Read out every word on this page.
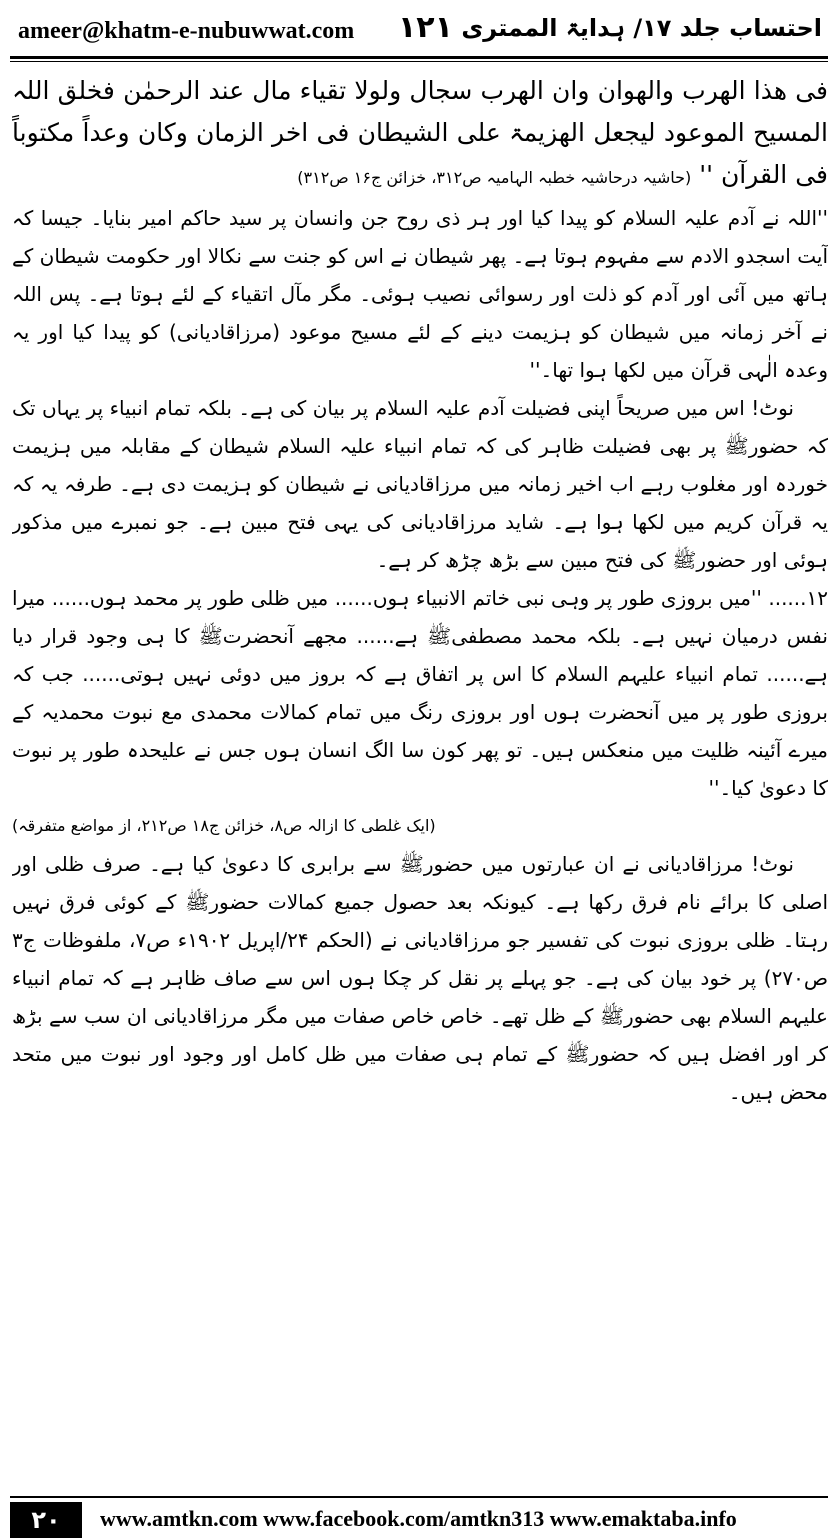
ameer@khatm-e-nubuwwat.com ۱۲۱ احتساب جلد ۱۷/ ہدایۃ الممتری

فی ھذا الھرب والھوان وان الھرب سجال ولولا تقیاء مال عند الرحمٰن فخلق اللہ المسیح الموعود لیجعل الھزیمۃ علی الشیطان فی اخر الزمان وکان وعداً مکتوباً فی القرآن '' (حاشیہ درحاشیہ خطبہ الہامیہ ص۳۱۲، خزائن ج۱۶ ص۳۱۲)

''اللہ نے آدم علیہ السلام کو پیدا کیا اور ہر ذی روح جن وانسان پر سید حاکم امیر بنایا۔ جیسا کہ آیت اسجدو الادم سے مفہوم ہوتا ہے۔ پھر شیطان نے اس کو جنت سے نکالا اور حکومت شیطان کے ہاتھ میں آئی اور آدم کو ذلت اور رسوائی نصیب ہوئی۔ مگر مآل اتقیاء کے لئے ہوتا ہے۔ پس اللہ نے آخر زمانہ میں شیطان کو ہزیمت دینے کے لئے مسیح موعود (مرزاقادیانی) کو پیدا کیا اور یہ وعدہ الٰہی قرآن میں لکھا ہوا تھا۔''

نوٹ! اس میں صریحاً اپنی فضیلت آدم علیہ السلام پر بیان کی ہے۔ بلکہ تمام انبیاء پر یہاں تک کہ حضورﷺ پر بھی فضیلت ظاہر کی کہ تمام انبیاء علیہ السلام شیطان کے مقابلہ میں ہزیمت خوردہ اور مغلوب رہے اب اخیر زمانہ میں مرزاقادیانی نے شیطان کو ہزیمت دی ہے۔ طرفہ یہ کہ یہ قرآن کریم میں لکھا ہوا ہے۔ شاید مرزاقادیانی کی یہی فتح مبین ہے۔ جو نمبرے میں مذکور ہوئی اور حضورﷺ کی فتح مبین سے بڑھ چڑھ کر ہے۔

۱۲...... ''میں بروزی طور پر وہی نبی خاتم الانبیاء ہوں...... میں ظلی طور پر محمد ہوں...... میرا نفس درمیان نہیں ہے۔ بلکہ محمد مصطفیﷺ ہے...... مجھے آنحضرتﷺ کا ہی وجود قرار دیا ہے...... تمام انبیاء علیہم السلام کا اس پر اتفاق ہے کہ بروز میں دوئی نہیں ہوتی...... جب کہ بروزی طور پر میں آنحضرت ہوں اور بروزی رنگ میں تمام کمالات محمدی مع نبوت محمدیہ کے میرے آئینہ ظلیت میں منعکس ہیں۔ تو پھر کون سا الگ انسان ہوں جس نے علیحدہ طور پر نبوت کا دعویٰ کیا۔''

(ایک غلطی کا ازالہ ص۸، خزائن ج۱۸ ص۲۱۲، از مواضع متفرقہ)

نوٹ! مرزاقادیانی نے ان عبارتوں میں حضورﷺ سے برابری کا دعویٰ کیا ہے۔ صرف ظلی اور اصلی کا برائے نام فرق رکھا ہے۔ کیونکہ بعد حصول جمیع کمالات حضورﷺ کے کوئی فرق نہیں رہتا۔ ظلی بروزی نبوت کی تفسیر جو مرزاقادیانی نے (الحکم ۲۴/اپریل ۱۹۰۲ء ص۷، ملفوظات ج۳ ص۲۷۰) پر خود بیان کی ہے۔ جو پہلے پر نقل کر چکا ہوں اس سے صاف ظاہر ہے کہ تمام انبیاء علیہم السلام بھی حضورﷺ کے ظل تھے۔ خاص خاص صفات میں مگر مرزاقادیانی ان سب سے بڑھ کر اور افضل ہیں کہ حضورﷺ کے تمام ہی صفات میں ظل کامل اور وجود اور نبوت میں متحد محض ہیں۔

۲۰	www.amtkn.com www.facebook.com/amtkn313 www.emaktaba.info
